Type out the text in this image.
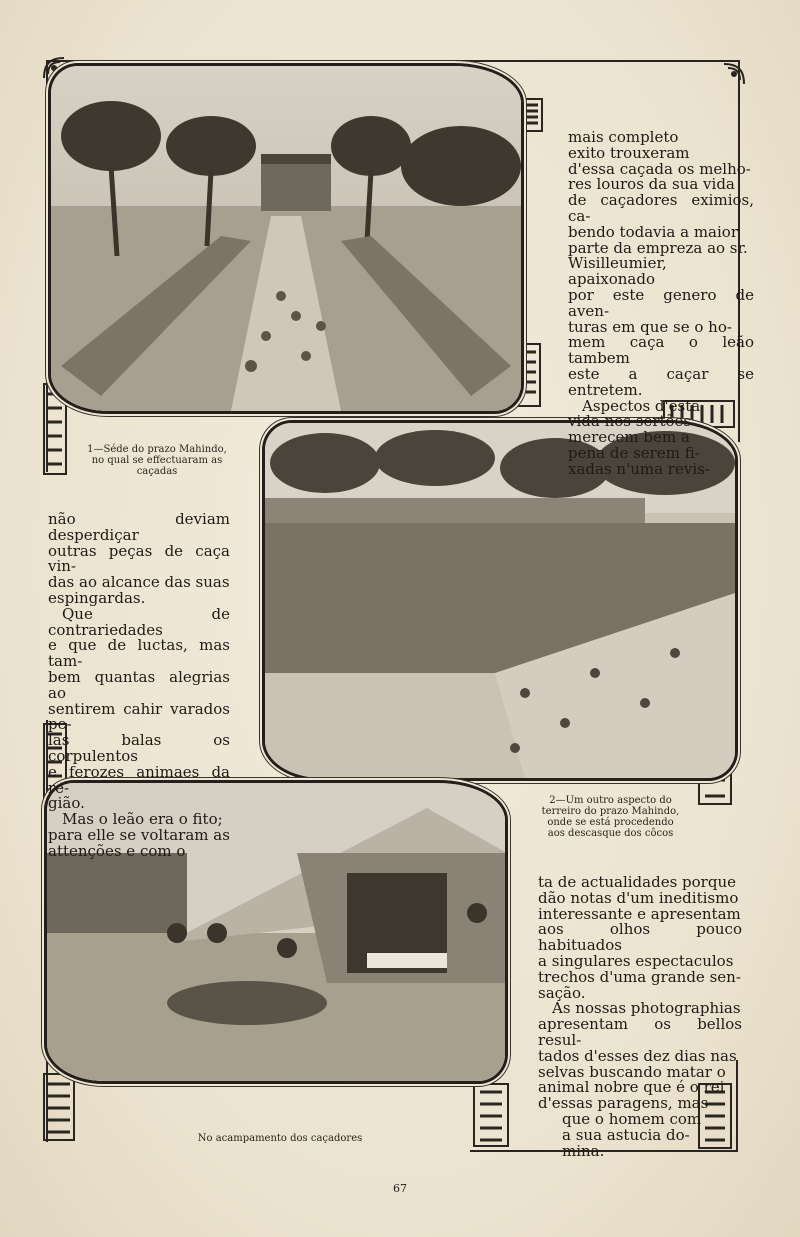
1—Séde do prazo Mahindo, no qual se effectuaram as caçadas
2—Um outro aspecto do terreiro do prazo Mahindo, onde se está procedendo aos descasque dos côcos
No acampamento dos caçadores
mais completo
exito trouxeram
d'essa caçada os melho-
res louros da sua vida
de caçadores eximios, ca-
bendo todavia a maior
parte da empreza ao sr.
Wisilleumier, apaixonado
por este genero de aven-
turas em que se o ho-
mem caça o leão tambem
este a caçar se entretem.
Aspectos d'esta
vida nos sertões
merecem bem a
pena de serem fi-
xadas n'uma revis-
não deviam desperdiçar
outras peças de caça vin-
das ao alcance das suas
espingardas.
Que de contrariedades
e que de luctas, mas tam-
bem quantas alegrias ao
sentirem cahir varados pe-
las balas os corpulentos
e ferozes animaes da re-
gião.
Mas o leão era o fito;
para elle se voltaram as
attenções e com o
ta de actualidades porque
dão notas d'um ineditismo
interessante e apresentam
aos olhos pouco habituados
a singulares espectaculos
trechos d'uma grande sen-
sação.
As nossas photographias
apresentam os bellos resul-
tados d'esses dez dias nas
selvas buscando matar o
animal nobre que é o rei
d'essas paragens, mas
que o homem com
a sua astucia do-
mina.
67
